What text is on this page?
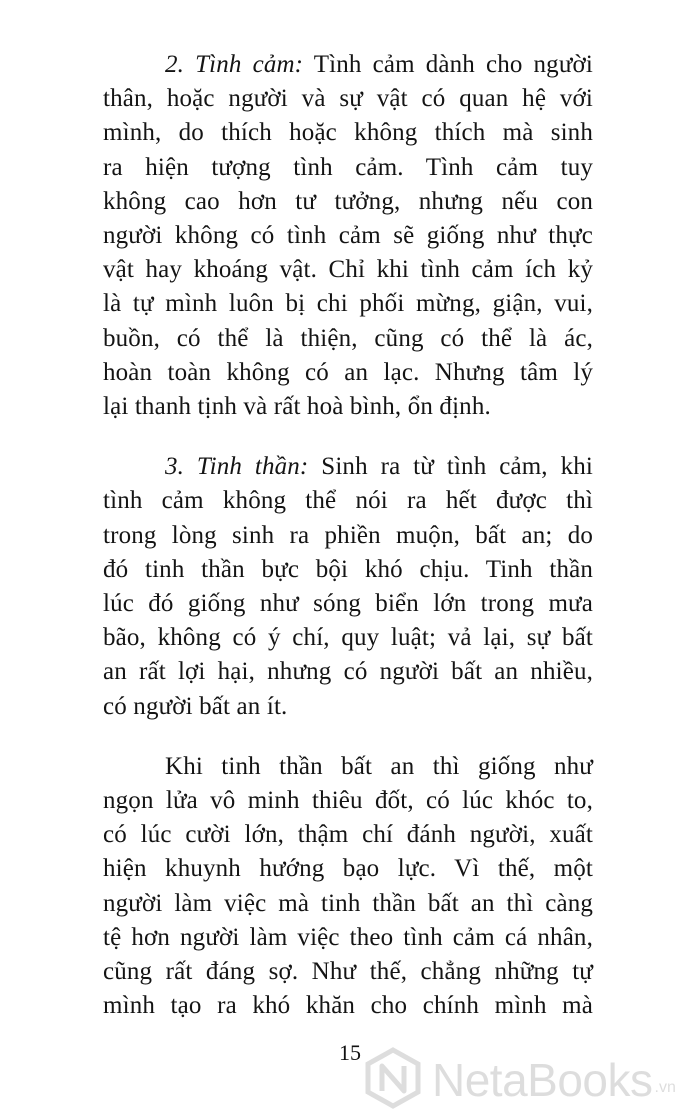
2. Tình cảm: Tình cảm dành cho người
thân, hoặc người và sự vật có quan hệ với
mình, do thích hoặc không thích mà sinh
ra hiện tượng tình cảm. Tình cảm tuy
không cao hơn tư tưởng, nhưng nếu con
người không có tình cảm sẽ giống như thực
vật hay khoáng vật. Chỉ khi tình cảm ích kỷ
là tự mình luôn bị chi phối mừng, giận, vui,
buồn, có thể là thiện, cũng có thể là ác,
hoàn toàn không có an lạc. Nhưng tâm lý
lại thanh tịnh và rất hoà bình, ổn định.
3. Tinh thần: Sinh ra từ tình cảm, khi
tình cảm không thể nói ra hết được thì
trong lòng sinh ra phiền muộn, bất an; do
đó tinh thần bực bội khó chịu. Tinh thần
lúc đó giống như sóng biển lớn trong mưa
bão, không có ý chí, quy luật; vả lại, sự bất
an rất lợi hại, nhưng có người bất an nhiều,
có người bất an ít.
Khi tinh thần bất an thì giống như
ngọn lửa vô minh thiêu đốt, có lúc khóc to,
có lúc cười lớn, thậm chí đánh người, xuất
hiện khuynh hướng bạo lực. Vì thế, một
người làm việc mà tinh thần bất an thì càng
tệ hơn người làm việc theo tình cảm cá nhân,
cũng rất đáng sợ. Như thế, chẳng những tự
mình tạo ra khó khăn cho chính mình mà
15
NetaBooks .vn
